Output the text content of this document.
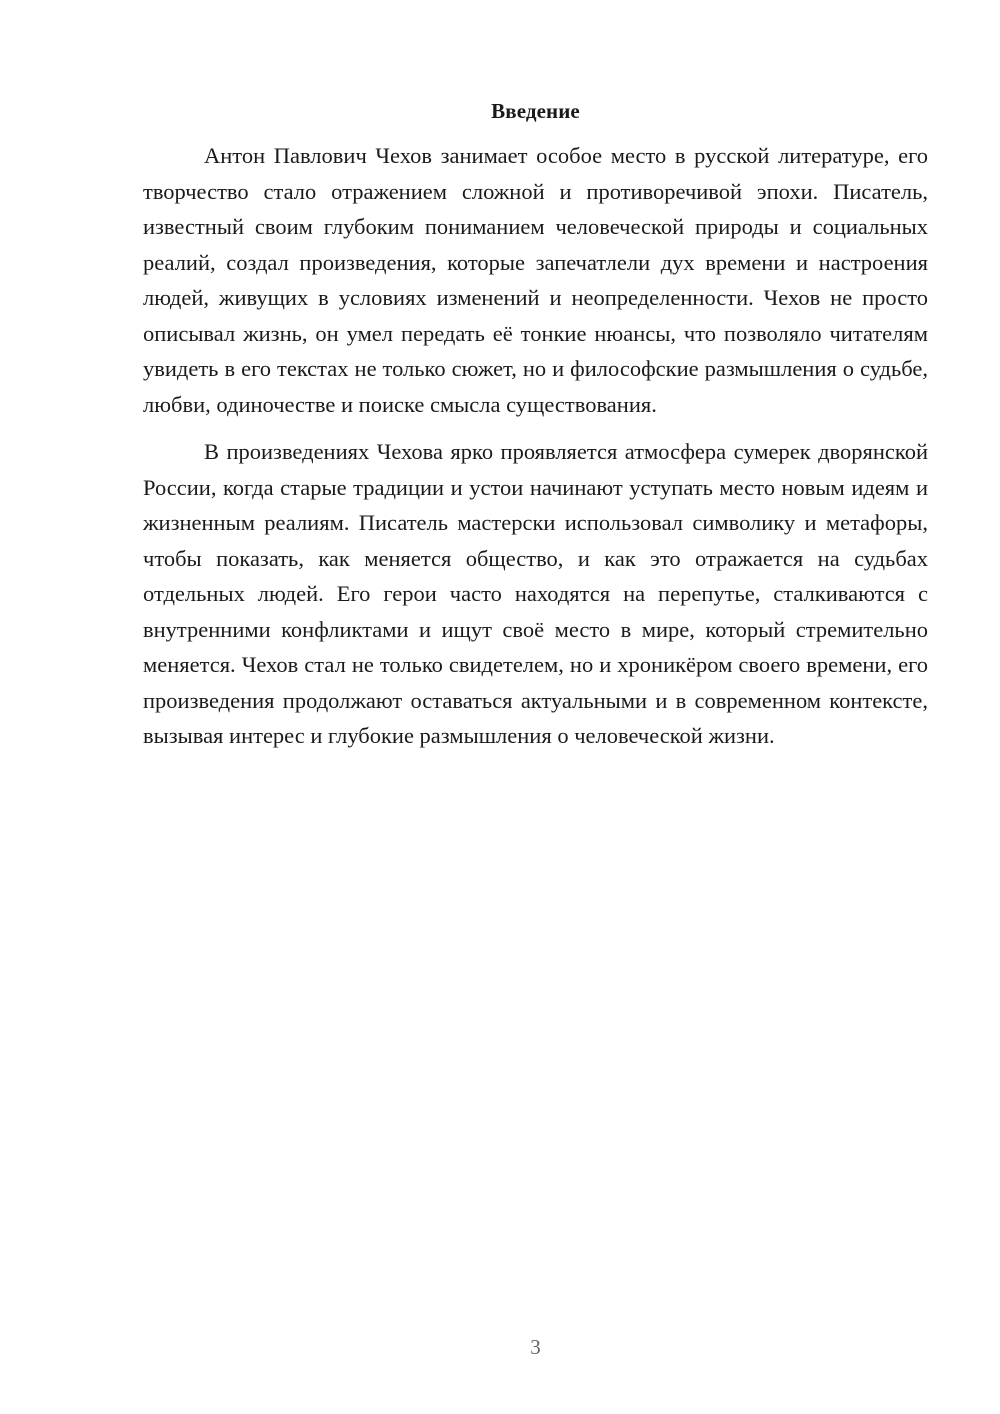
Введение

Антон Павлович Чехов занимает особое место в русской литературе, его творчество стало отражением сложной и противоречивой эпохи. Писатель, известный своим глубоким пониманием человеческой природы и социальных реалий, создал произведения, которые запечатлели дух времени и настроения людей, живущих в условиях изменений и неопределенности. Чехов не просто описывал жизнь, он умел передать её тонкие нюансы, что позволяло читателям увидеть в его текстах не только сюжет, но и философские размышления о судьбе, любви, одиночестве и поиске смысла существования.

В произведениях Чехова ярко проявляется атмосфера сумерек дворянской России, когда старые традиции и устои начинают уступать место новым идеям и жизненным реалиям. Писатель мастерски использовал символику и метафоры, чтобы показать, как меняется общество, и как это отражается на судьбах отдельных людей. Его герои часто находятся на перепутье, сталкиваются с внутренними конфликтами и ищут своё место в мире, который стремительно меняется. Чехов стал не только свидетелем, но и хроникёром своего времени, его произведения продолжают оставаться актуальными и в современном контексте, вызывая интерес и глубокие размышления о человеческой жизни.

3
